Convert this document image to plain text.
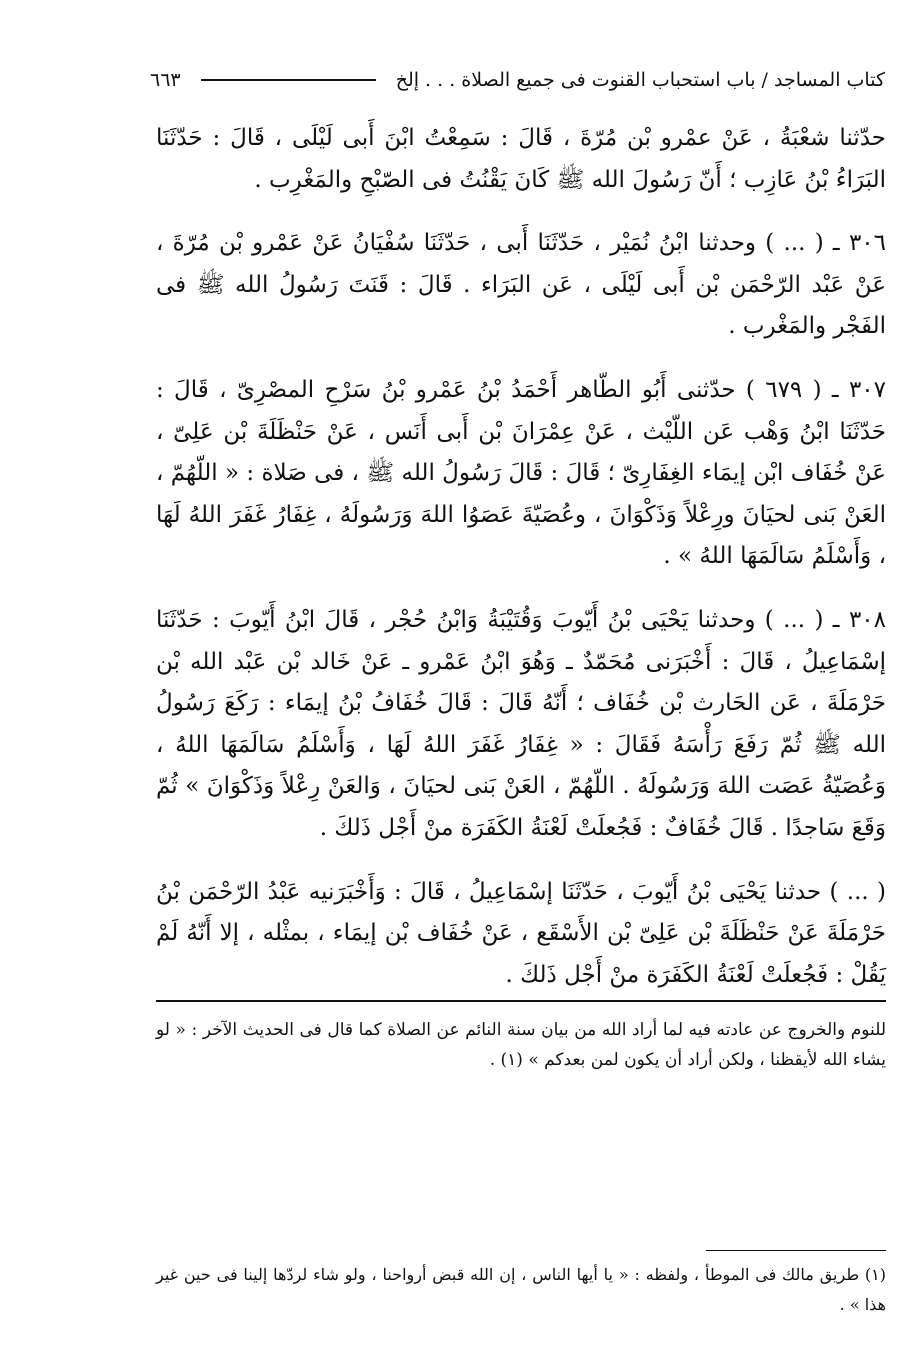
كتاب المساجد / باب استحباب القنوت فى جميع الصلاة . . . إلخ
٦٦٣

حدّثنا شعْبَةُ ، عَنْ عمْرو بْن مُرّةَ ، قَالَ : سَمِعْتُ ابْنَ أَبى لَيْلَى ، قَالَ : حَدّثَنَا البَرَاءُ بْنُ عَازِب ؛ أَنّ رَسُولَ الله ﷺ كَانَ يَقْنُتُ فى الصّبْحِ والمَغْرِب .

٣٠٦ ـ ( ... ) وحدثنا ابْنُ نُمَيْر ، حَدّثَنَا أَبى ، حَدّثَنَا سُفْيَانُ عَنْ عَمْرو بْن مُرّةَ ، عَنْ عَبْد الرّحْمَن بْن أَبى لَيْلَى ، عَن البَرَاء . قَالَ : قَنَتَ رَسُولُ الله ﷺ فى الفَجْر والمَغْرب .

٣٠٧ ـ ( ٦٧٩ ) حدّثنى أَبُو الطّاهر أَحْمَدُ بْنُ عَمْرو بْنُ سَرْحِ المصْرِىّ ، قَالَ : حَدّثَنَا ابْنُ وَهْب عَن اللّيْث ، عَنْ عِمْرَانَ بْن أَبى أَنَس ، عَنْ حَنْظَلَةَ بْن عَلِىّ ، عَنْ خُفَاف ابْن إيمَاء الغِفَارِىّ ؛ قَالَ : قَالَ رَسُولُ الله ﷺ ، فى صَلاة : « اللّهُمّ ، العَنْ بَنى لحيَانَ ورِعْلاً وَذَكْوَانَ ، وعُصَيّةَ عَصَوُا اللهَ وَرَسُولَهُ ، غِفَارُ غَفَرَ اللهُ لَهَا ، وَأَسْلَمُ سَالَمَهَا اللهُ » .

٣٠٨ ـ ( ... ) وحدثنا يَحْيَى بْنُ أَيّوبَ وَقُتَيْبَةُ وَابْنُ حُجْر ، قَالَ ابْنُ أَيّوبَ : حَدّثَنَا إسْمَاعِيلُ ، قَالَ : أَخْبَرَنى مُحَمّدٌ ـ وَهُوَ ابْنُ عَمْرو ـ عَنْ خَالد بْن عَبْد الله بْن حَرْمَلَةَ ، عَن الحَارث بْن خُفَاف ؛ أَنّهُ قَالَ : قَالَ خُفَافُ بْنُ إيمَاء : رَكَعَ رَسُولُ الله ﷺ ثُمّ رَفَعَ رَأْسَهُ فَقَالَ : « غِفَارُ غَفَرَ اللهُ لَهَا ، وَأَسْلَمُ سَالَمَهَا اللهُ ، وَعُصَيّةُ عَصَت اللهَ وَرَسُولَهُ . اللّهُمّ ، العَنْ بَنى لحيَانَ ، وَالعَنْ رِعْلاً وَذَكْوَانَ » ثُمّ وَقَعَ سَاجدًا . قَالَ خُفَافٌ : فَجُعلَتْ لَعْنَةُ الكَفَرَة منْ أَجْل ذَلكَ .

( ... ) حدثنا يَحْيَى بْنُ أَيّوبَ ، حَدّثَنَا إسْمَاعِيلُ ، قَالَ : وَأَخْبَرَنيه عَبْدُ الرّحْمَن بْنُ حَرْمَلَةَ عَنْ حَنْظَلَةَ بْن عَلِىّ بْن الأَسْقَع ، عَنْ خُفَاف بْن إيمَاء ، بمثْله ، إلا أَنّهُ لَمْ يَقُلْ : فَجُعلَتْ لَعْنَةُ الكَفَرَة منْ أَجْل ذَلكَ .

للنوم والخروج عن عادته فيه لما أراد الله من بيان سنة النائم عن الصلاة كما قال فى الحديث الآخر : « لو يشاء الله لأيقظنا ، ولكن أراد أن يكون لمن بعدكم » (١) .
(١) طريق مالك فى الموطأ ، ولفظه : « يا أيها الناس ، إن الله قبض أرواحنا ، ولو شاء لردّها إلينا فى حين غير هذا » .
